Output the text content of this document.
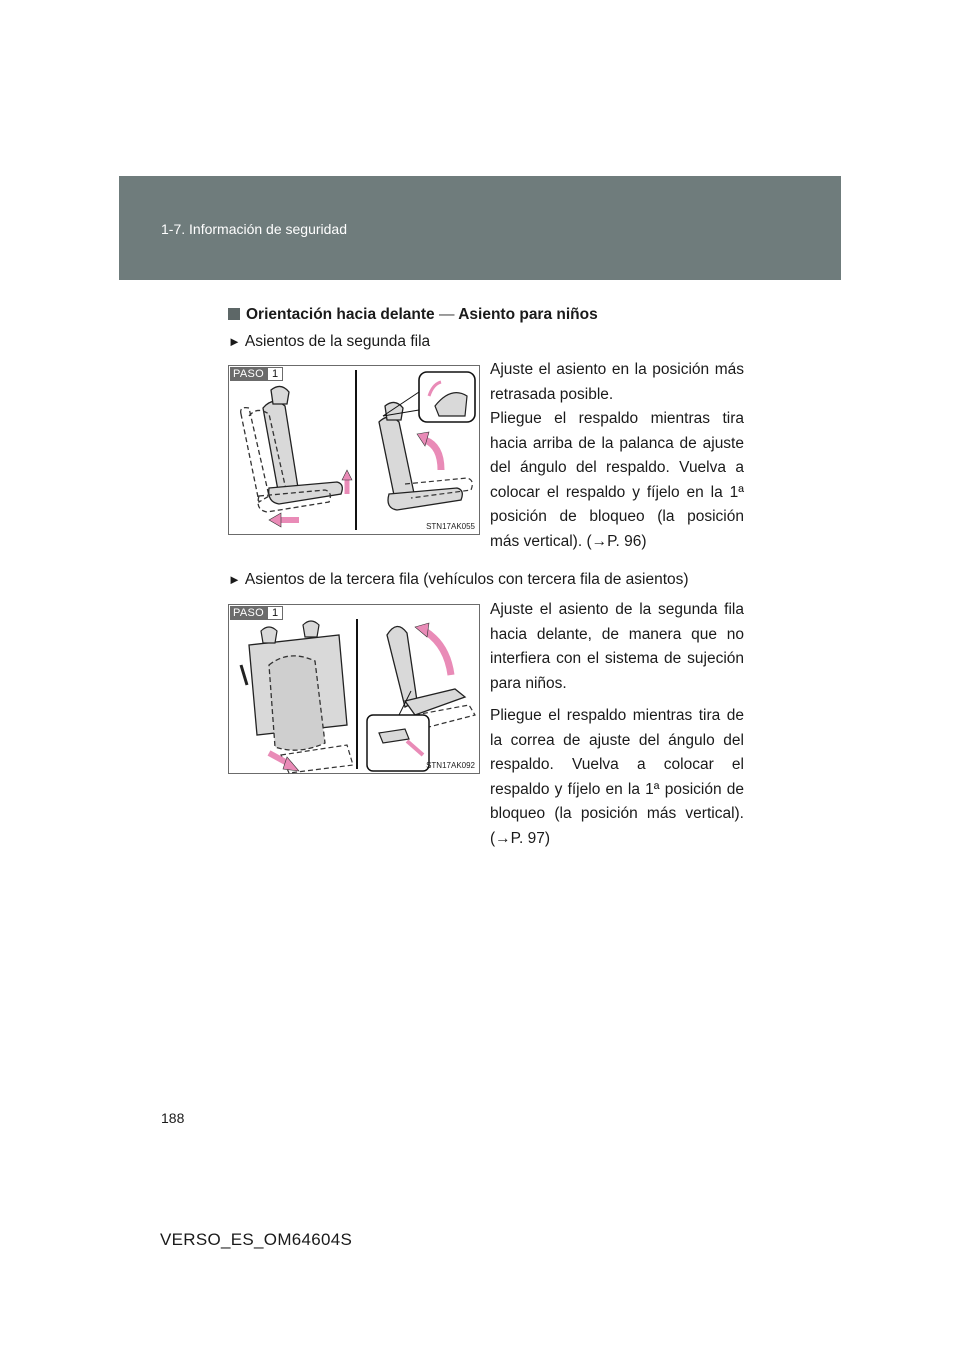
1-7. Información de seguridad
Orientación hacia delante — Asiento para niños
► Asientos de la segunda fila
PASO 1
STN17AK055

Ajuste el asiento en la posición más retrasada posible.

Pliegue el respaldo mientras tira hacia arriba de la palanca de ajuste del ángulo del respaldo. Vuelva a colocar el respaldo y fíjelo en la 1ª posición de bloqueo (la posición más vertical). (→P. 96)

► Asientos de la tercera fila (vehículos con tercera fila de asientos)
PASO 1
STN17AK092

Ajuste el asiento de la segunda fila hacia delante, de manera que no interfiera con el sistema de sujeción para niños.

Pliegue el respaldo mientras tira de la correa de ajuste del ángulo del respaldo. Vuelva a colocar el respaldo y fíjelo en la 1ª posición de bloqueo (la posición más vertical). (→P. 97)

188
VERSO_ES_OM64604S
